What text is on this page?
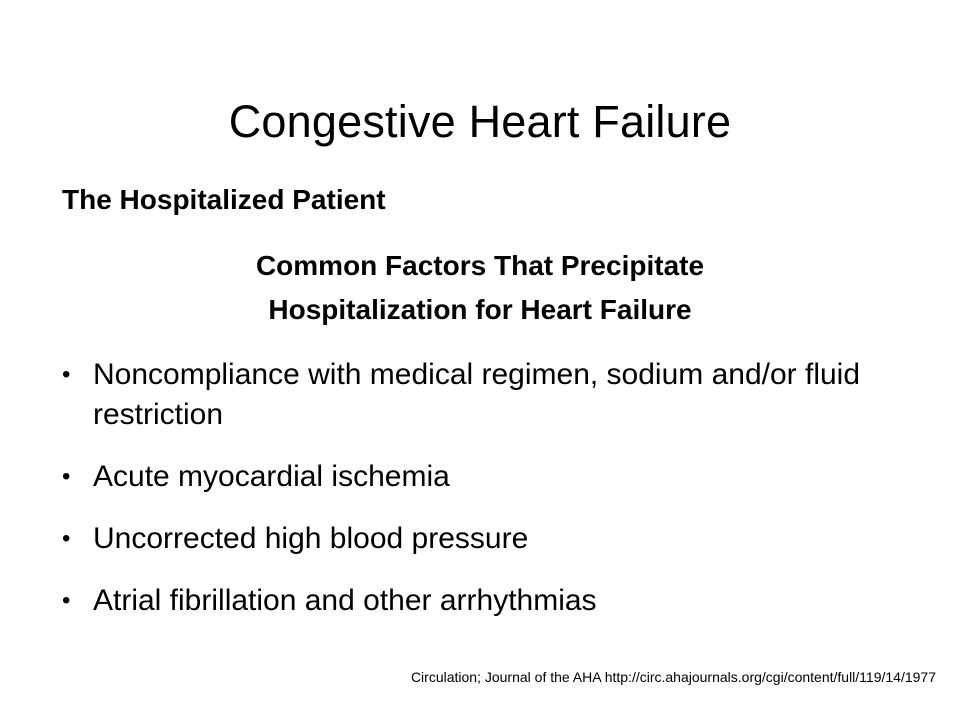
Congestive Heart Failure
The Hospitalized Patient
Common Factors That Precipitate
Hospitalization for Heart Failure
• Noncompliance with medical regimen, sodium and/or fluid restriction
• Acute myocardial ischemia
• Uncorrected high blood pressure
• Atrial fibrillation and other arrhythmias
Circulation; Journal of the AHA http://circ.ahajournals.org/cgi/content/full/119/14/1977
